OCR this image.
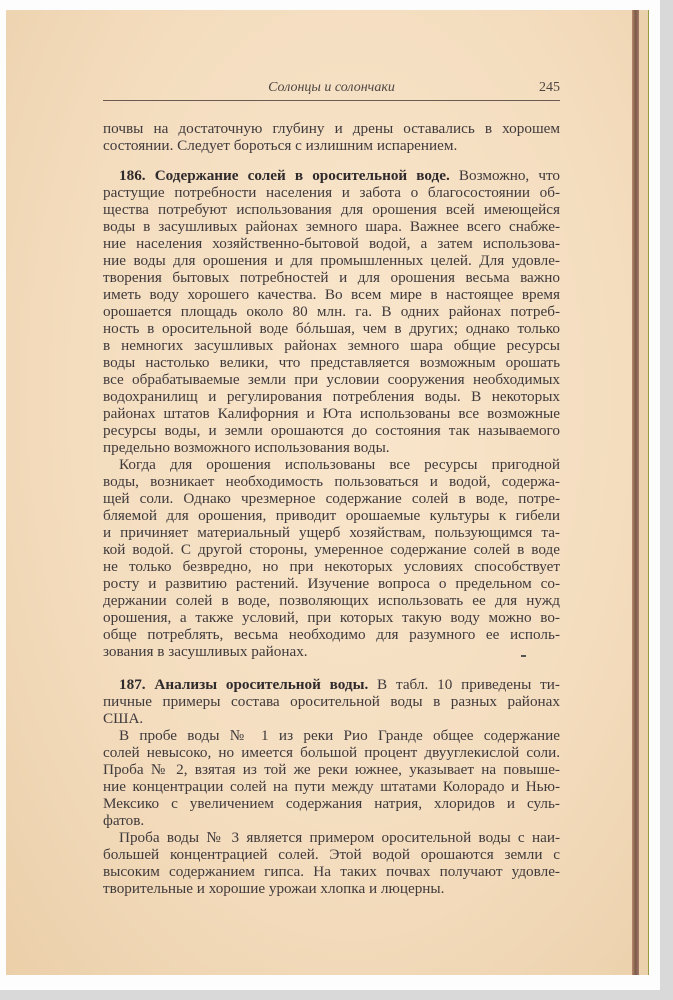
Солонцы и солончаки	245
почвы на достаточную глубину и дрены оставались в хорошем
состоянии. Следует бороться с излишним испарением.
186. Содержание солей в оросительной воде. Возможно, что
растущие потребности населения и забота о благосостоянии об-
щества потребуют использования для орошения всей имеющейся
воды в засушливых районах земного шара. Важнее всего снабже-
ние населения хозяйственно-бытовой водой, а затем использова-
ние воды для орошения и для промышленных целей. Для удовле-
творения бытовых потребностей и для орошения весьма важно
иметь воду хорошего качества. Во всем мире в настоящее время
орошается площадь около 80 млн. га. В одних районах потреб-
ность в оросительной воде бóльшая, чем в других; однако только
в немногих засушливых районах земного шара общие ресурсы
воды настолько велики, что представляется возможным орошать
все обрабатываемые земли при условии сооружения необходимых
водохранилищ и регулирования потребления воды. В некоторых
районах штатов Калифорния и Юта использованы все возможные
ресурсы воды, и земли орошаются до состояния так называемого
предельно возможного использования воды.
Когда для орошения использованы все ресурсы пригодной
воды, возникает необходимость пользоваться и водой, содержа-
щей соли. Однако чрезмерное содержание солей в воде, потре-
бляемой для орошения, приводит орошаемые культуры к гибели
и причиняет материальный ущерб хозяйствам, пользующимся та-
кой водой. С другой стороны, умеренное содержание солей в воде
не только безвредно, но при некоторых условиях способствует
росту и развитию растений. Изучение вопроса о предельном со-
держании солей в воде, позволяющих использовать ее для нужд
орошения, а также условий, при которых такую воду можно во-
обще потреблять, весьма необходимо для разумного ее исполь-
зования в засушливых районах.
187. Анализы оросительной воды. В табл. 10 приведены ти-
пичные примеры состава оросительной воды в разных районах
США.
В пробе воды № 1 из реки Рио Гранде общее содержание
солей невысоко, но имеется большой процент двууглекислой соли.
Проба № 2, взятая из той же реки южнее, указывает на повыше-
ние концентрации солей на пути между штатами Колорадо и Нью-
Мексико с увеличением содержания натрия, хлоридов и суль-
фатов.
Проба воды № 3 является примером оросительной воды с наи-
большей концентрацией солей. Этой водой орошаются земли с
высоким содержанием гипса. На таких почвах получают удовле-
творительные и хорошие урожаи хлопка и люцерны.
